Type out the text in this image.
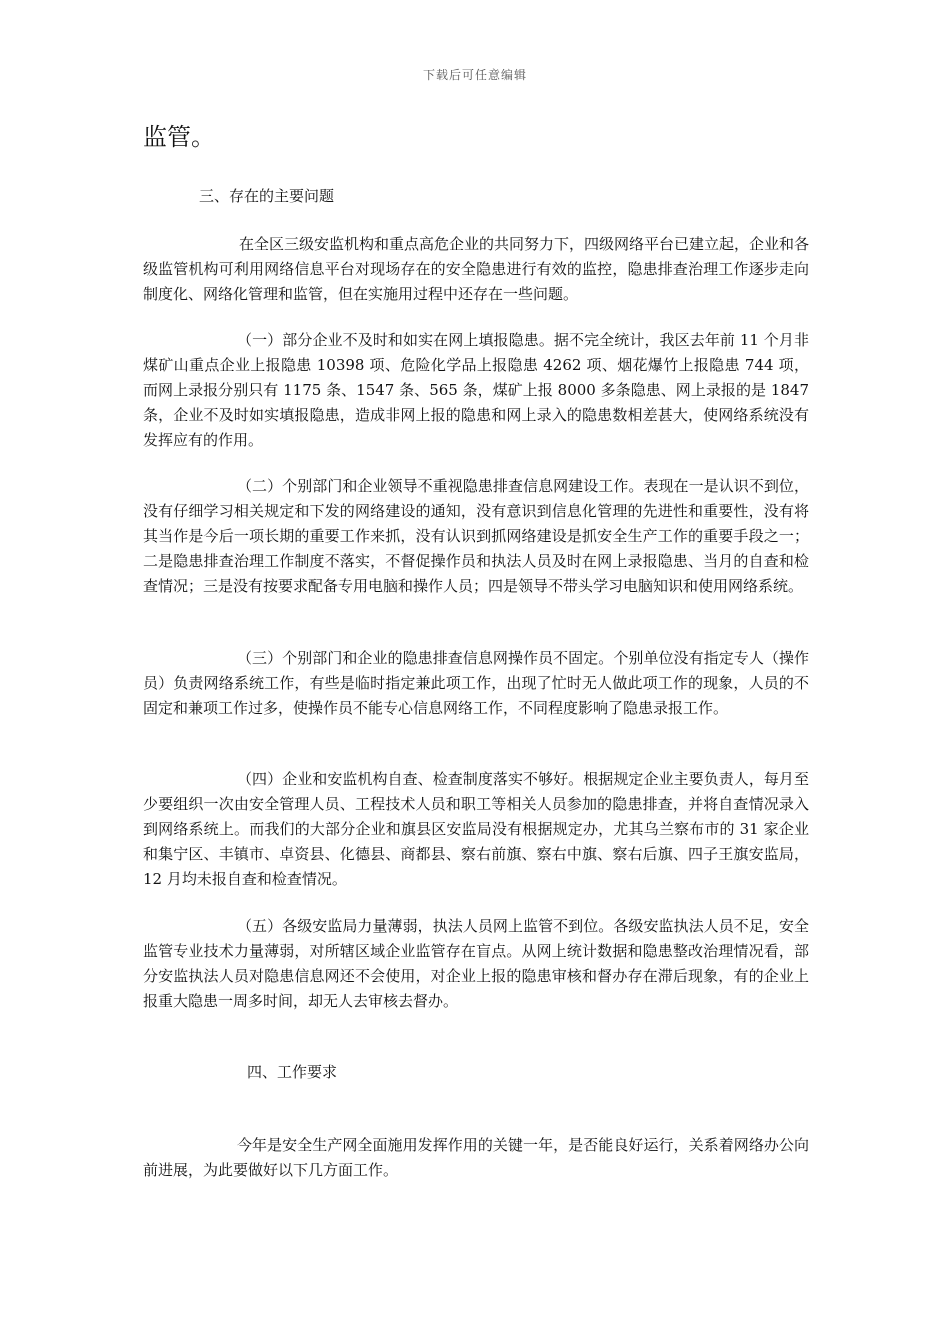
下载后可任意编辑
监管。

三、存在的主要问题

在全区三级安监机构和重点高危企业的共同努力下，四级网络平台已建立起，企业和各级监管机构可利用网络信息平台对现场存在的安全隐患进行有效的监控，隐患排查治理工作逐步走向制度化、网络化管理和监管，但在实施用过程中还存在一些问题。

（一）部分企业不及时和如实在网上填报隐患。据不完全统计，我区去年前 11 个月非煤矿山重点企业上报隐患 10398 项、危险化学品上报隐患 4262 项、烟花爆竹上报隐患 744 项，而网上录报分别只有 1175 条、1547 条、565 条，煤矿上报 8000 多条隐患、网上录报的是 1847 条，企业不及时如实填报隐患，造成非网上报的隐患和网上录入的隐患数相差甚大，使网络系统没有发挥应有的作用。

（二）个别部门和企业领导不重视隐患排查信息网建设工作。表现在一是认识不到位，没有仔细学习相关规定和下发的网络建设的通知，没有意识到信息化管理的先进性和重要性，没有将其当作是今后一项长期的重要工作来抓，没有认识到抓网络建设是抓安全生产工作的重要手段之一；二是隐患排查治理工作制度不落实，不督促操作员和执法人员及时在网上录报隐患、当月的自查和检查情况；三是没有按要求配备专用电脑和操作人员；四是领导不带头学习电脑知识和使用网络系统。

（三）个别部门和企业的隐患排查信息网操作员不固定。个别单位没有指定专人（操作员）负责网络系统工作，有些是临时指定兼此项工作，出现了忙时无人做此项工作的现象，人员的不固定和兼项工作过多，使操作员不能专心信息网络工作，不同程度影响了隐患录报工作。

（四）企业和安监机构自查、检查制度落实不够好。根据规定企业主要负责人，每月至少要组织一次由安全管理人员、工程技术人员和职工等相关人员参加的隐患排查，并将自查情况录入到网络系统上。而我们的大部分企业和旗县区安监局没有根据规定办，尤其乌兰察布市的 31 家企业和集宁区、丰镇市、卓资县、化德县、商都县、察右前旗、察右中旗、察右后旗、四子王旗安监局，12 月均未报自查和检查情况。

（五）各级安监局力量薄弱，执法人员网上监管不到位。各级安监执法人员不足，安全监管专业技术力量薄弱，对所辖区域企业监管存在盲点。从网上统计数据和隐患整改治理情况看，部分安监执法人员对隐患信息网还不会使用，对企业上报的隐患审核和督办存在滞后现象，有的企业上报重大隐患一周多时间，却无人去审核去督办。

四、工作要求

今年是安全生产网全面施用发挥作用的关键一年，是否能良好运行，关系着网络办公向前进展，为此要做好以下几方面工作。
